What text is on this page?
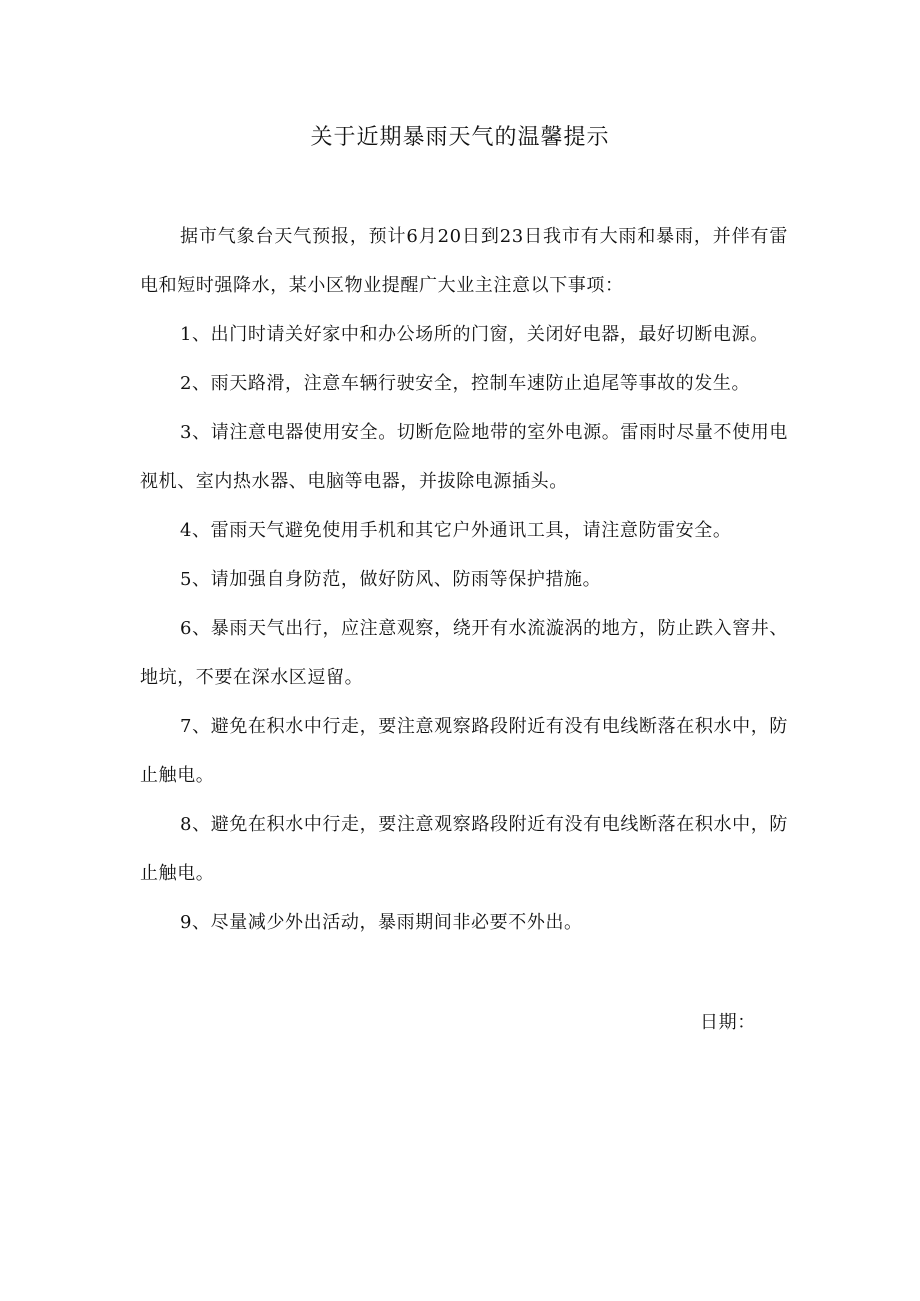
关于近期暴雨天气的温馨提示

据市气象台天气预报，预计6月20日到23日我市有大雨和暴雨，并伴有雷电和短时强降水，某小区物业提醒广大业主注意以下事项：

1、出门时请关好家中和办公场所的门窗，关闭好电器，最好切断电源。

2、雨天路滑，注意车辆行驶安全，控制车速防止追尾等事故的发生。

3、请注意电器使用安全。切断危险地带的室外电源。雷雨时尽量不使用电视机、室内热水器、电脑等电器，并拔除电源插头。

4、雷雨天气避免使用手机和其它户外通讯工具，请注意防雷安全。

5、请加强自身防范，做好防风、防雨等保护措施。

6、暴雨天气出行，应注意观察，绕开有水流漩涡的地方，防止跌入窨井、地坑，不要在深水区逗留。

7、避免在积水中行走，要注意观察路段附近有没有电线断落在积水中，防止触电。

8、避免在积水中行走，要注意观察路段附近有没有电线断落在积水中，防止触电。

9、尽量减少外出活动，暴雨期间非必要不外出。

日期：
